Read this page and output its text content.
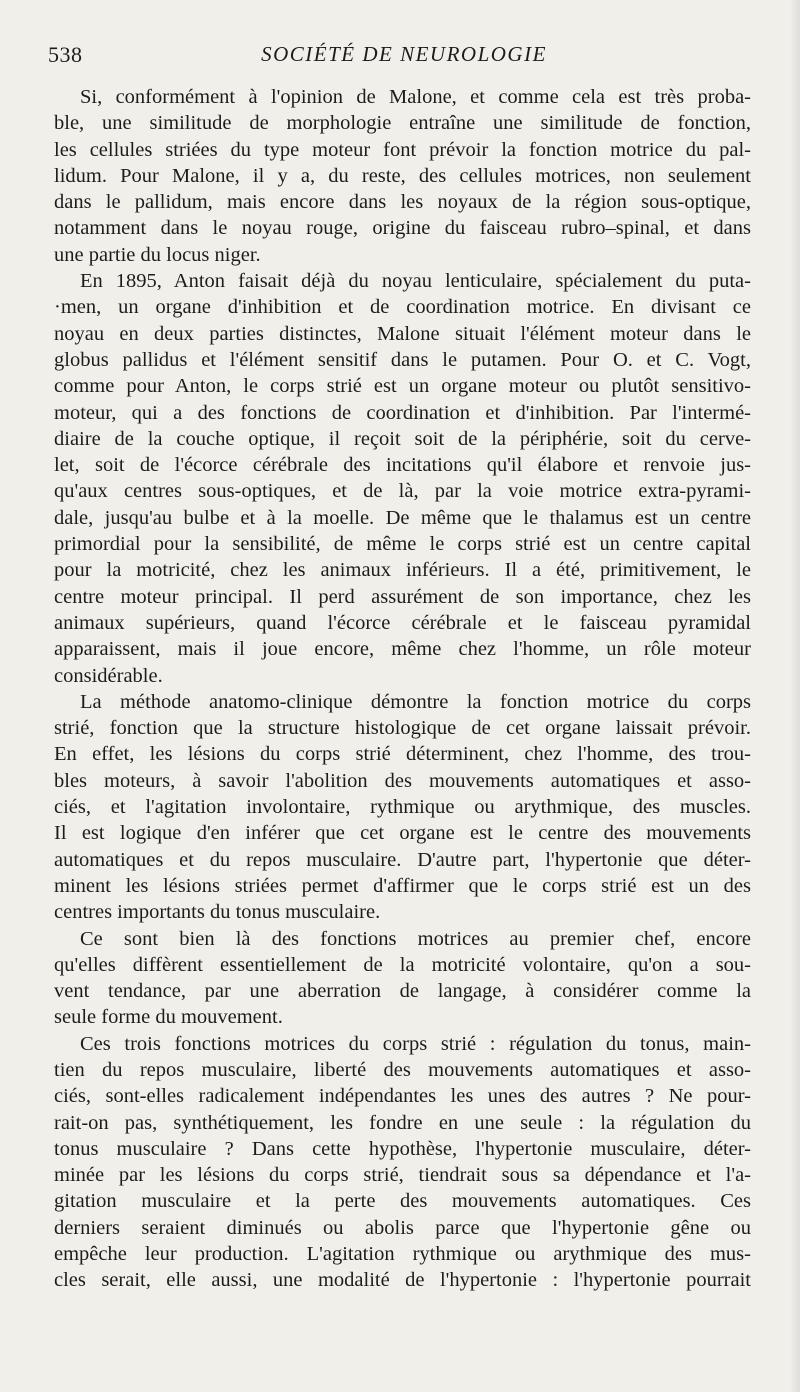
538	SOCIÉTÉ DE NEUROLOGIE
Si, conformément à l'opinion de Malone, et comme cela est très proba-
ble, une similitude de morphologie entraîne une similitude de fonction,
les cellules striées du type moteur font prévoir la fonction motrice du pal-
lidum. Pour Malone, il y a, du reste, des cellules motrices, non seulement
dans le pallidum, mais encore dans les noyaux de la région sous-optique,
notamment dans le noyau rouge, origine du faisceau rubro–spinal, et dans
une partie du locus niger.
En 1895, Anton faisait déjà du noyau lenticulaire, spécialement du puta-
·men, un organe d'inhibition et de coordination motrice. En divisant ce
noyau en deux parties distinctes, Malone situait l'élément moteur dans le
globus pallidus et l'élément sensitif dans le putamen. Pour O. et C. Vogt,
comme pour Anton, le corps strié est un organe moteur ou plutôt sensitivo-
moteur, qui a des fonctions de coordination et d'inhibition. Par l'intermé-
diaire de la couche optique, il reçoit soit de la périphérie, soit du cerve-
let, soit de l'écorce cérébrale des incitations qu'il élabore et renvoie jus-
qu'aux centres sous-optiques, et de là, par la voie motrice extra-pyrami-
dale, jusqu'au bulbe et à la moelle. De même que le thalamus est un centre
primordial pour la sensibilité, de même le corps strié est un centre capital
pour la motricité, chez les animaux inférieurs. Il a été, primitivement, le
centre moteur principal. Il perd assurément de son importance, chez les
animaux supérieurs, quand l'écorce cérébrale et le faisceau pyramidal
apparaissent, mais il joue encore, même chez l'homme, un rôle moteur
considérable.
La méthode anatomo-clinique démontre la fonction motrice du corps
strié, fonction que la structure histologique de cet organe laissait prévoir.
En effet, les lésions du corps strié déterminent, chez l'homme, des trou-
bles moteurs, à savoir l'abolition des mouvements automatiques et asso-
ciés, et l'agitation involontaire, rythmique ou arythmique, des muscles.
Il est logique d'en inférer que cet organe est le centre des mouvements
automatiques et du repos musculaire. D'autre part, l'hypertonie que déter-
minent les lésions striées permet d'affirmer que le corps strié est un des
centres importants du tonus musculaire.
Ce sont bien là des fonctions motrices au premier chef, encore
qu'elles diffèrent essentiellement de la motricité volontaire, qu'on a sou-
vent tendance, par une aberration de langage, à considérer comme la
seule forme du mouvement.
Ces trois fonctions motrices du corps strié : régulation du tonus, main-
tien du repos musculaire, liberté des mouvements automatiques et asso-
ciés, sont-elles radicalement indépendantes les unes des autres ? Ne pour-
rait-on pas, synthétiquement, les fondre en une seule : la régulation du
tonus musculaire ? Dans cette hypothèse, l'hypertonie musculaire, déter-
minée par les lésions du corps strié, tiendrait sous sa dépendance et l'a-
gitation musculaire et la perte des mouvements automatiques. Ces
derniers seraient diminués ou abolis parce que l'hypertonie gêne ou
empêche leur production. L'agitation rythmique ou arythmique des mus-
cles serait, elle aussi, une modalité de l'hypertonie : l'hypertonie pourrait
